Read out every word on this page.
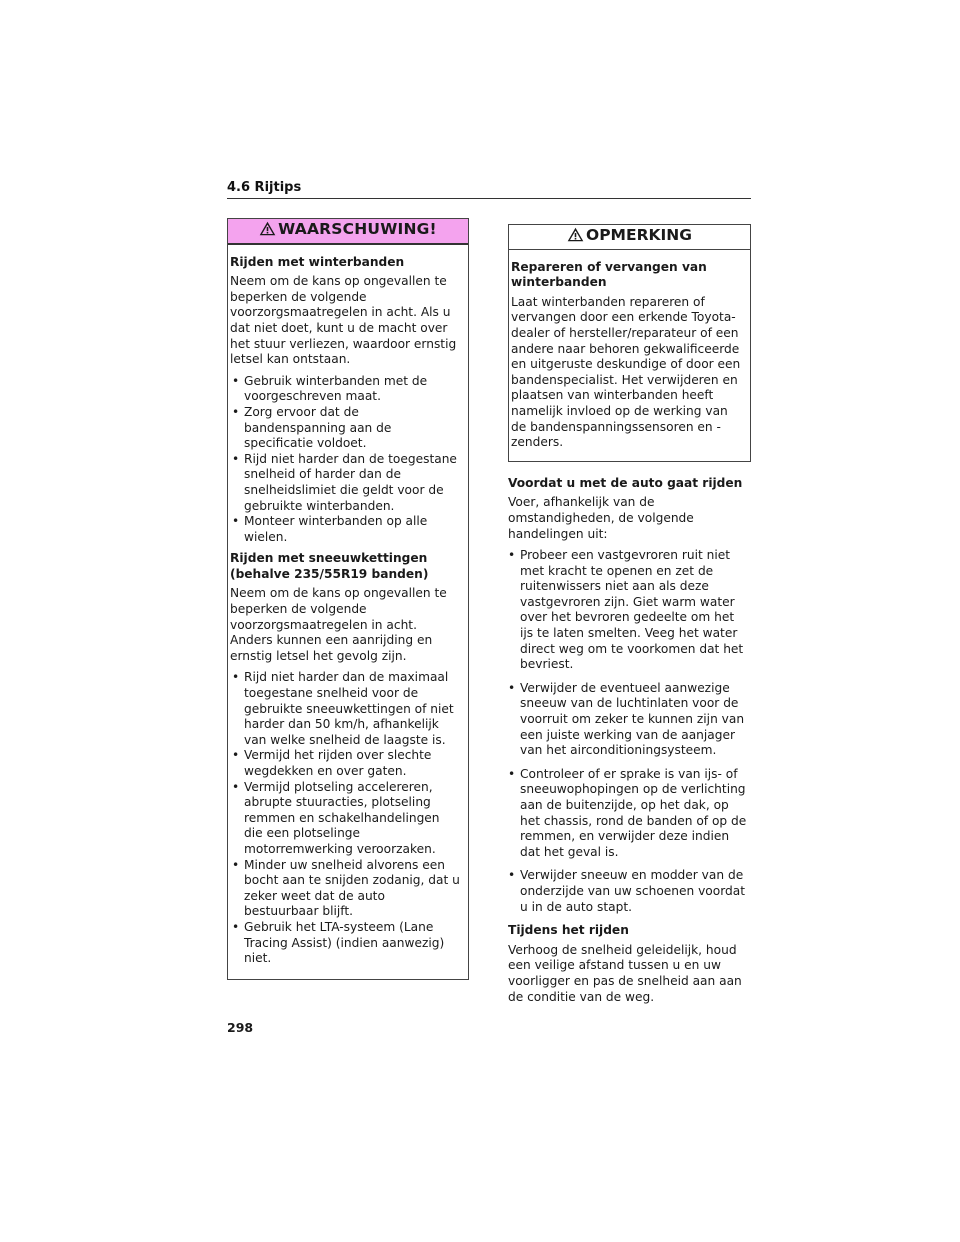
4.6 Rijtips
WAARSCHUWING!
Rijden met winterbanden

Neem om de kans op ongevallen te beperken de volgende voorzorgsmaatregelen in acht. Als u dat niet doet, kunt u de macht over het stuur verliezen, waardoor ernstig letsel kan ontstaan.

• Gebruik winterbanden met de voorgeschreven maat.
• Zorg ervoor dat de bandenspanning aan de specificatie voldoet.
• Rijd niet harder dan de toegestane snelheid of harder dan de snelheidslimiet die geldt voor de gebruikte winterbanden.
• Monteer winterbanden op alle wielen.
Rijden met sneeuwkettingen (behalve 235/55R19 banden)

Neem om de kans op ongevallen te beperken de volgende voorzorgsmaatregelen in acht. Anders kunnen een aanrijding en ernstig letsel het gevolg zijn.

• Rijd niet harder dan de maximaal toegestane snelheid voor de gebruikte sneeuwkettingen of niet harder dan 50 km/h, afhankelijk van welke snelheid de laagste is.
• Vermijd het rijden over slechte wegdekken en over gaten.
• Vermijd plotseling accelereren, abrupte stuuracties, plotseling remmen en schakelhandelingen die een plotselinge motorremwerking veroorzaken.
• Minder uw snelheid alvorens een bocht aan te snijden zodanig, dat u zeker weet dat de auto bestuurbaar blijft.
• Gebruik het LTA-systeem (Lane Tracing Assist) (indien aanwezig) niet.
OPMERKING
Repareren of vervangen van winterbanden

Laat winterbanden repareren of vervangen door een erkende Toyota-dealer of hersteller/reparateur of een andere naar behoren gekwalificeerde en uitgeruste deskundige of door een bandenspecialist. Het verwijderen en plaatsen van winterbanden heeft namelijk invloed op de werking van de bandenspanningssensoren en -zenders.

Voordat u met de auto gaat rijden

Voer, afhankelijk van de omstandigheden, de volgende handelingen uit:

• Probeer een vastgevroren ruit niet met kracht te openen en zet de ruitenwissers niet aan als deze vastgevroren zijn. Giet warm water over het bevroren gedeelte om het ijs te laten smelten. Veeg het water direct weg om te voorkomen dat het bevriest.
• Verwijder de eventueel aanwezige sneeuw van de luchtinlaten voor de voorruit om zeker te kunnen zijn van een juiste werking van de aanjager van het airconditioningsysteem.
• Controleer of er sprake is van ijs- of sneeuwophopingen op de verlichting aan de buitenzijde, op het dak, op het chassis, rond de banden of op de remmen, en verwijder deze indien dat het geval is.
• Verwijder sneeuw en modder van de onderzijde van uw schoenen voordat u in de auto stapt.
Tijdens het rijden

Verhoog de snelheid geleidelijk, houd een veilige afstand tussen u en uw voorligger en pas de snelheid aan aan de conditie van de weg.

298
